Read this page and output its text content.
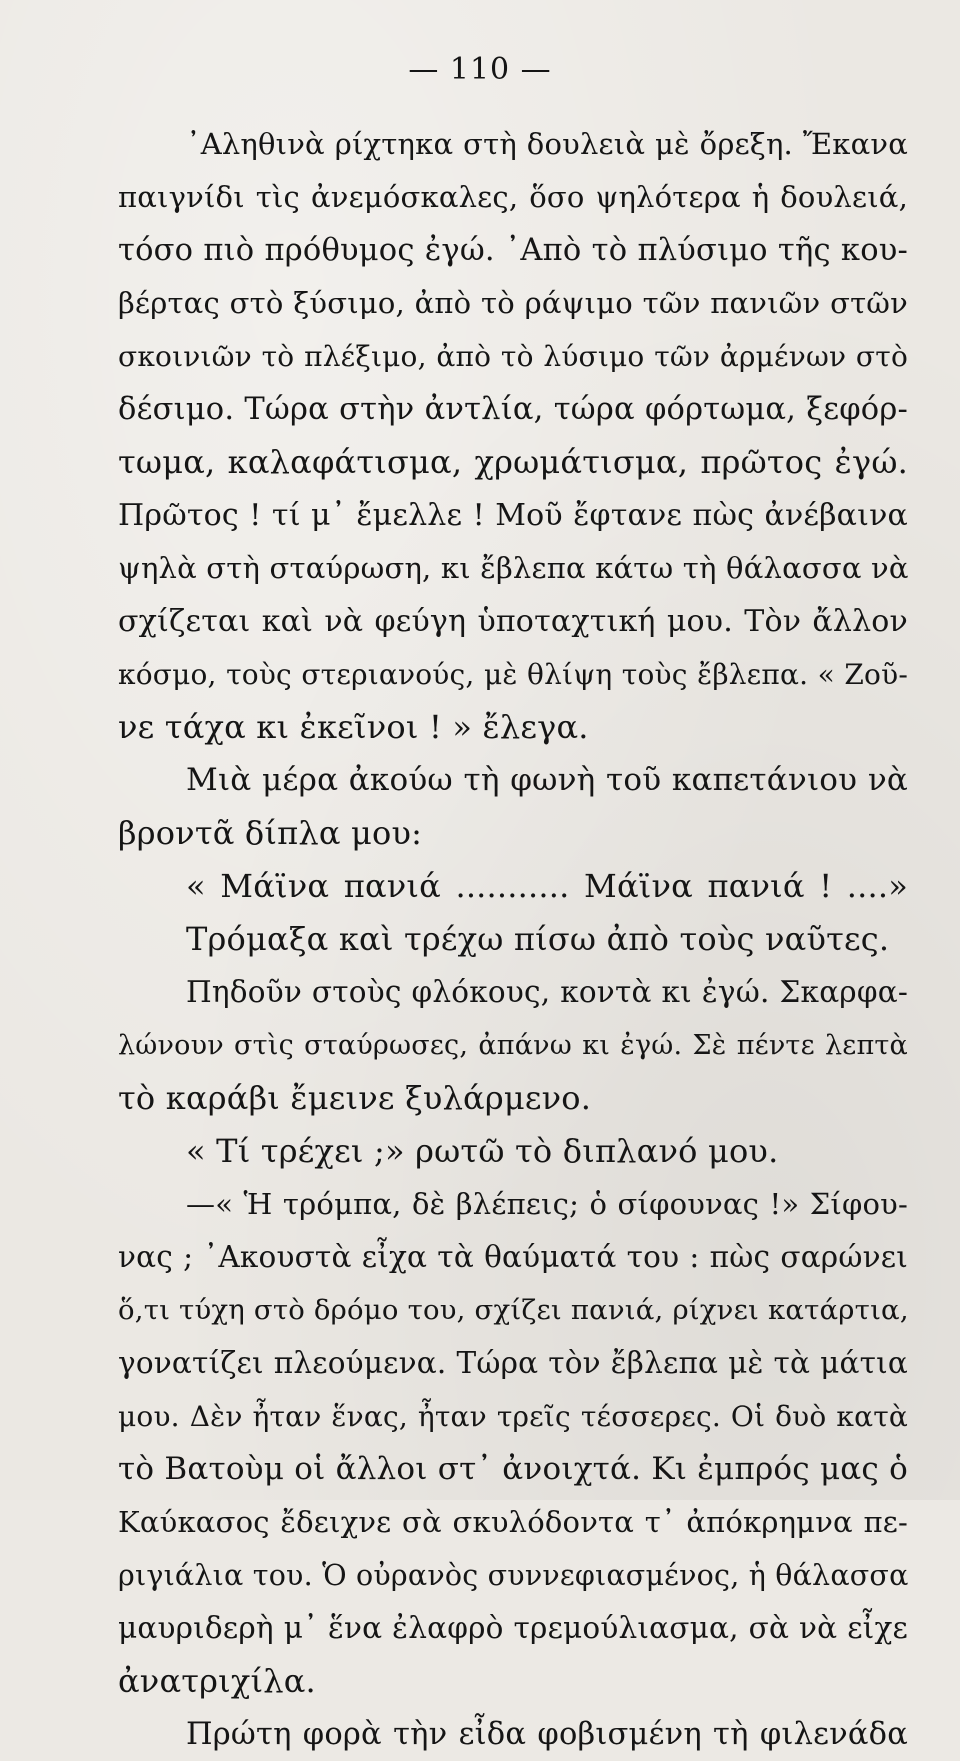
— 110 —
᾿Αληθινὰ ρίχτηκα στὴ δουλειὰ μὲ ὄρεξη. Ἔκανα
παιγνίδι τὶς ἀνεμόσκαλες, ὅσο ψηλότερα ἡ δουλειά,
τόσο πιὸ πρόθυμος ἐγώ. ᾿Απὸ τὸ πλύσιμο τῆς κου-
βέρτας στὸ ξύσιμο, ἀπὸ τὸ ράψιμο τῶν πανιῶν στῶν
σκοινιῶν τὸ πλέξιμο, ἀπὸ τὸ λύσιμο τῶν ἀρμένων στὸ
δέσιμο. Τώρα στὴν ἀντλία, τώρα φόρτωμα, ξεφόρ-
τωμα, καλαφάτισμα, χρωμάτισμα, πρῶτος ἐγώ.
Πρῶτος ! τί μ᾿ ἔμελλε ! Μοῦ ἔφτανε πὼς ἀνέβαινα
ψηλὰ στὴ σταύρωση, κι ἔβλεπα κάτω τὴ θάλασσα νὰ
σχίζεται καὶ νὰ φεύγη ὑποταχτική μου. Τὸν ἄλλον
κόσμο, τοὺς στεριανούς, μὲ θλίψη τοὺς ἔβλεπα. « Ζοῦ-
νε τάχα κι ἐκεῖνοι ! » ἔλεγα.
Μιὰ μέρα ἀκούω τὴ φωνὴ τοῦ καπετάνιου νὰ
βροντᾶ δίπλα μου:
« Μάϊνα πανιά ........... Μάϊνα πανιά ! ....»
Τρόμαξα καὶ τρέχω πίσω ἀπὸ τοὺς ναῦτες.
Πηδοῦν στοὺς φλόκους, κοντὰ κι ἐγώ. Σκαρφα-
λώνουν στὶς σταύρωσες, ἀπάνω κι ἐγώ. Σὲ πέντε λεπτὰ
τὸ καράβι ἔμεινε ξυλάρμενο.
« Τί τρέχει ;» ρωτῶ τὸ διπλανό μου.
—« Ἡ τρόμπα, δὲ βλέπεις; ὁ σίφουνας !» Σίφου-
νας ; ᾿Ακουστὰ εἶχα τὰ θαύματά του : πὼς σαρώνει
ὅ,τι τύχη στὸ δρόμο του, σχίζει πανιά, ρίχνει κατάρτια,
γονατίζει πλεούμενα. Τώρα τὸν ἔβλεπα μὲ τὰ μάτια
μου. Δὲν ἦταν ἕνας, ἦταν τρεῖς τέσσερες. Οἱ δυὸ κατὰ
τὸ Βατοὺμ οἱ ἄλλοι στ᾿ ἀνοιχτά. Κι ἐμπρός μας ὁ
Καύκασος ἔδειχνε σὰ σκυλόδοντα τ᾿ ἀπόκρημνα πε-
ριγιάλια του. Ὁ οὐρανὸς συννεφιασμένος, ἡ θάλασσα
μαυριδερὴ μ᾿ ἕνα ἐλαφρὸ τρεμούλιασμα, σὰ νὰ εἶχε
ἀνατριχίλα.
Πρώτη φορὰ τὴν εἶδα φοβισμένη τὴ φιλενάδα
